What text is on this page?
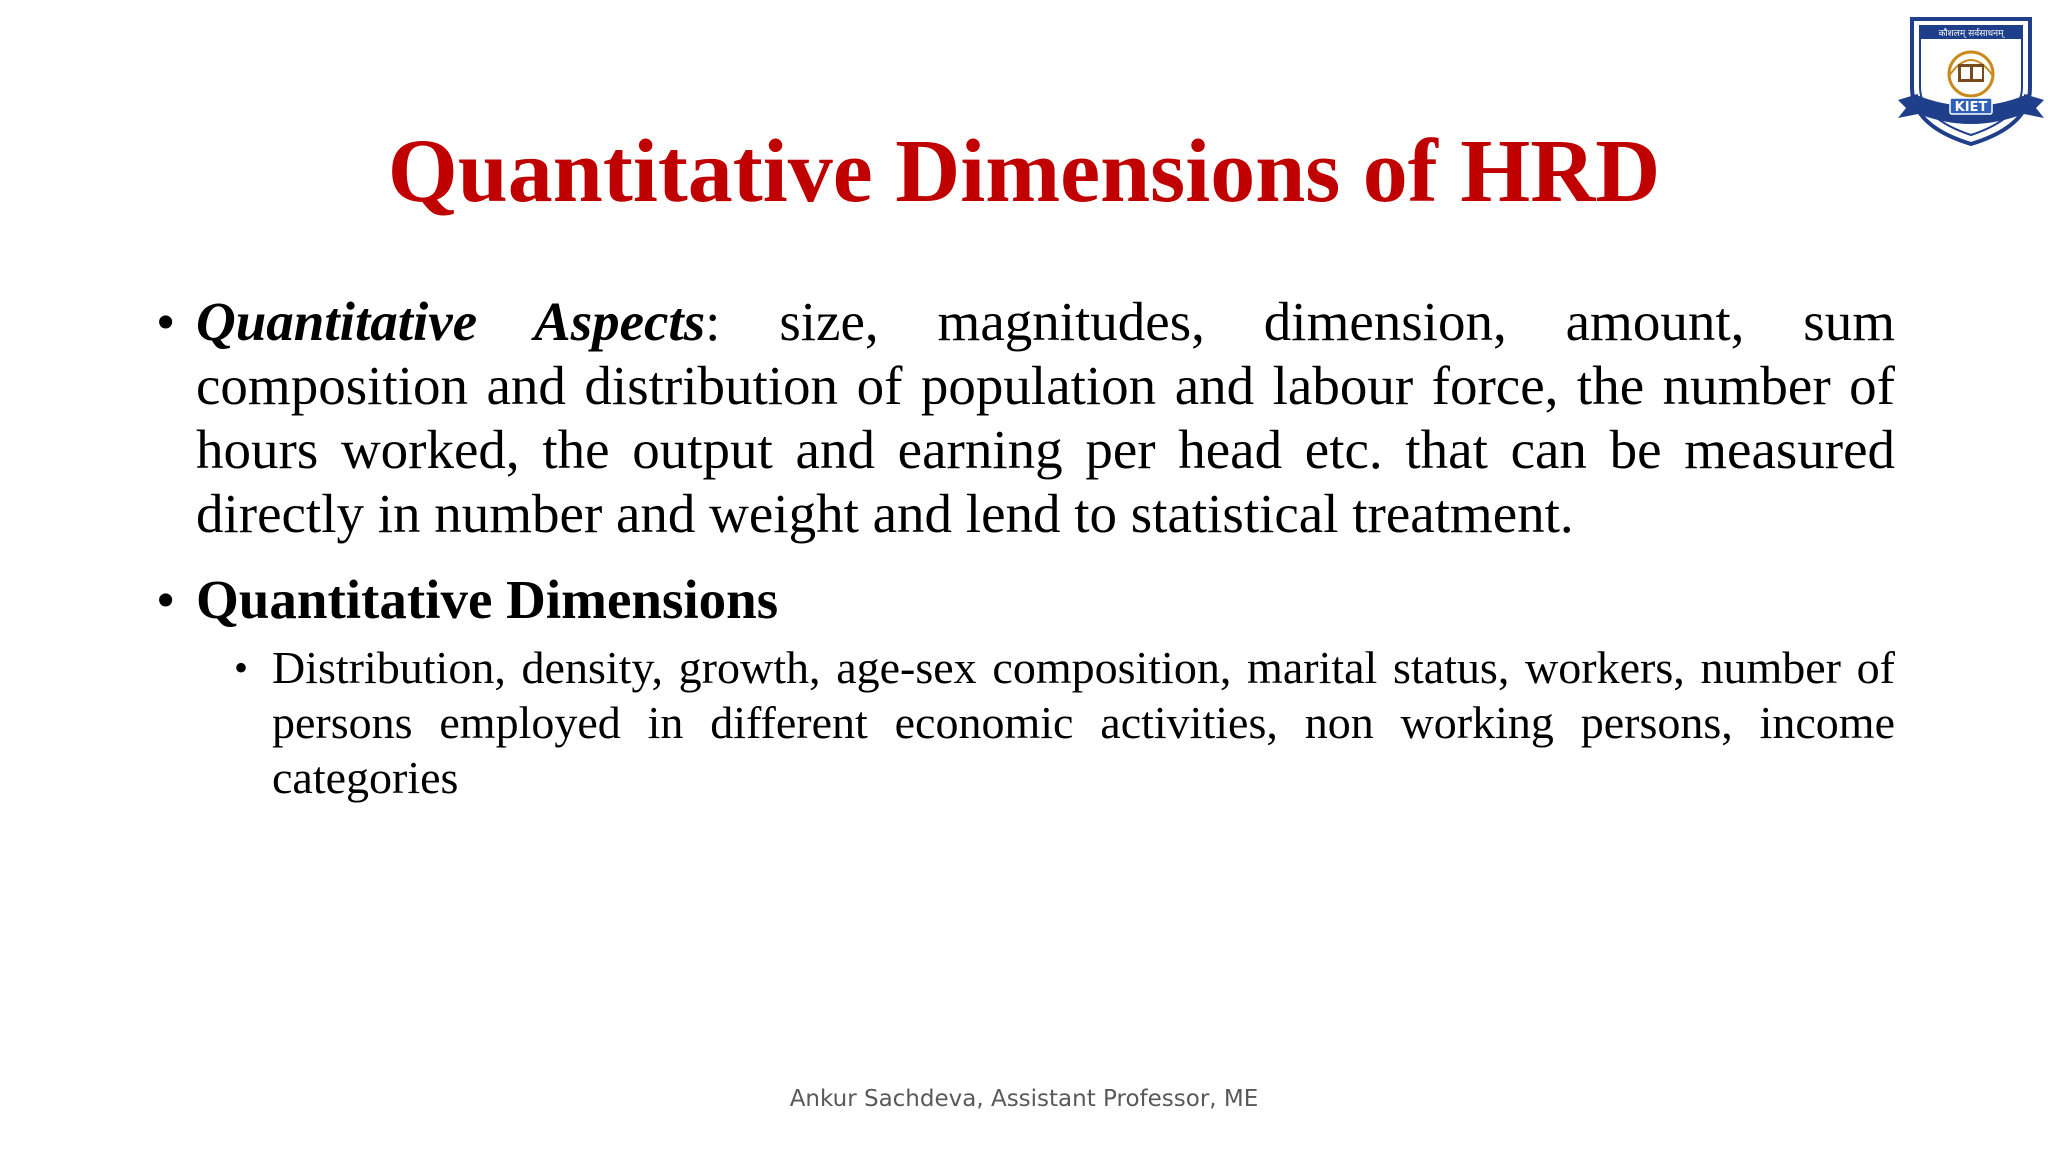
कौशलम् सर्वसाधनम्
KIET
Quantitative Dimensions of HRD
• Quantitative Aspects: size, magnitudes, dimension, amount, sum composition and distribution of population and labour force, the number of hours worked, the output and earning per head etc. that can be measured directly in number and weight and lend to statistical treatment.
• Quantitative Dimensions
• Distribution, density, growth, age-sex composition, marital status, workers, number of persons employed in different economic activities, non working persons, income categories
Ankur Sachdeva, Assistant Professor, ME
